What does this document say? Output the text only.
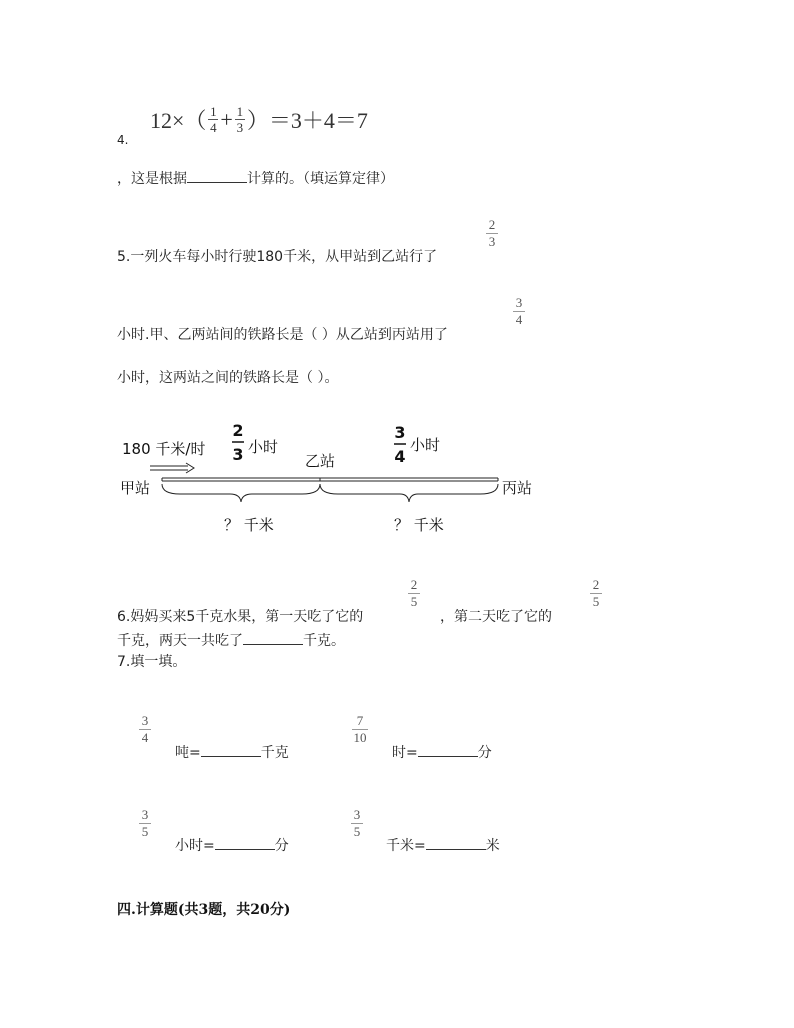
12×（ 1
4 + 1
3 ）＝3＋4＝7
4.
，这是根据	计算的。（填运算定律）
5.一列火车每小时行驶180千米，从甲站到乙站行了
2
3
小时.甲、乙两站间的铁路长是（ ）从乙站到丙站用了
3
4
小时，这两站之间的铁路长是（ ）。
180 千米/时
2
3 小时
乙站
3
4
小时
甲站	丙站
？ 千米	？ 千米
6.妈妈买来5千克水果，第一天吃了它的
2
5
，第二天吃了它的
2
5
千克，两天一共吃了	千克。
7.填一填。
3
4
吨=	千克
7
10
时=	分
3
5
小时=	分
3
5
千米=	米
四.计算题(共3题，共20分)
